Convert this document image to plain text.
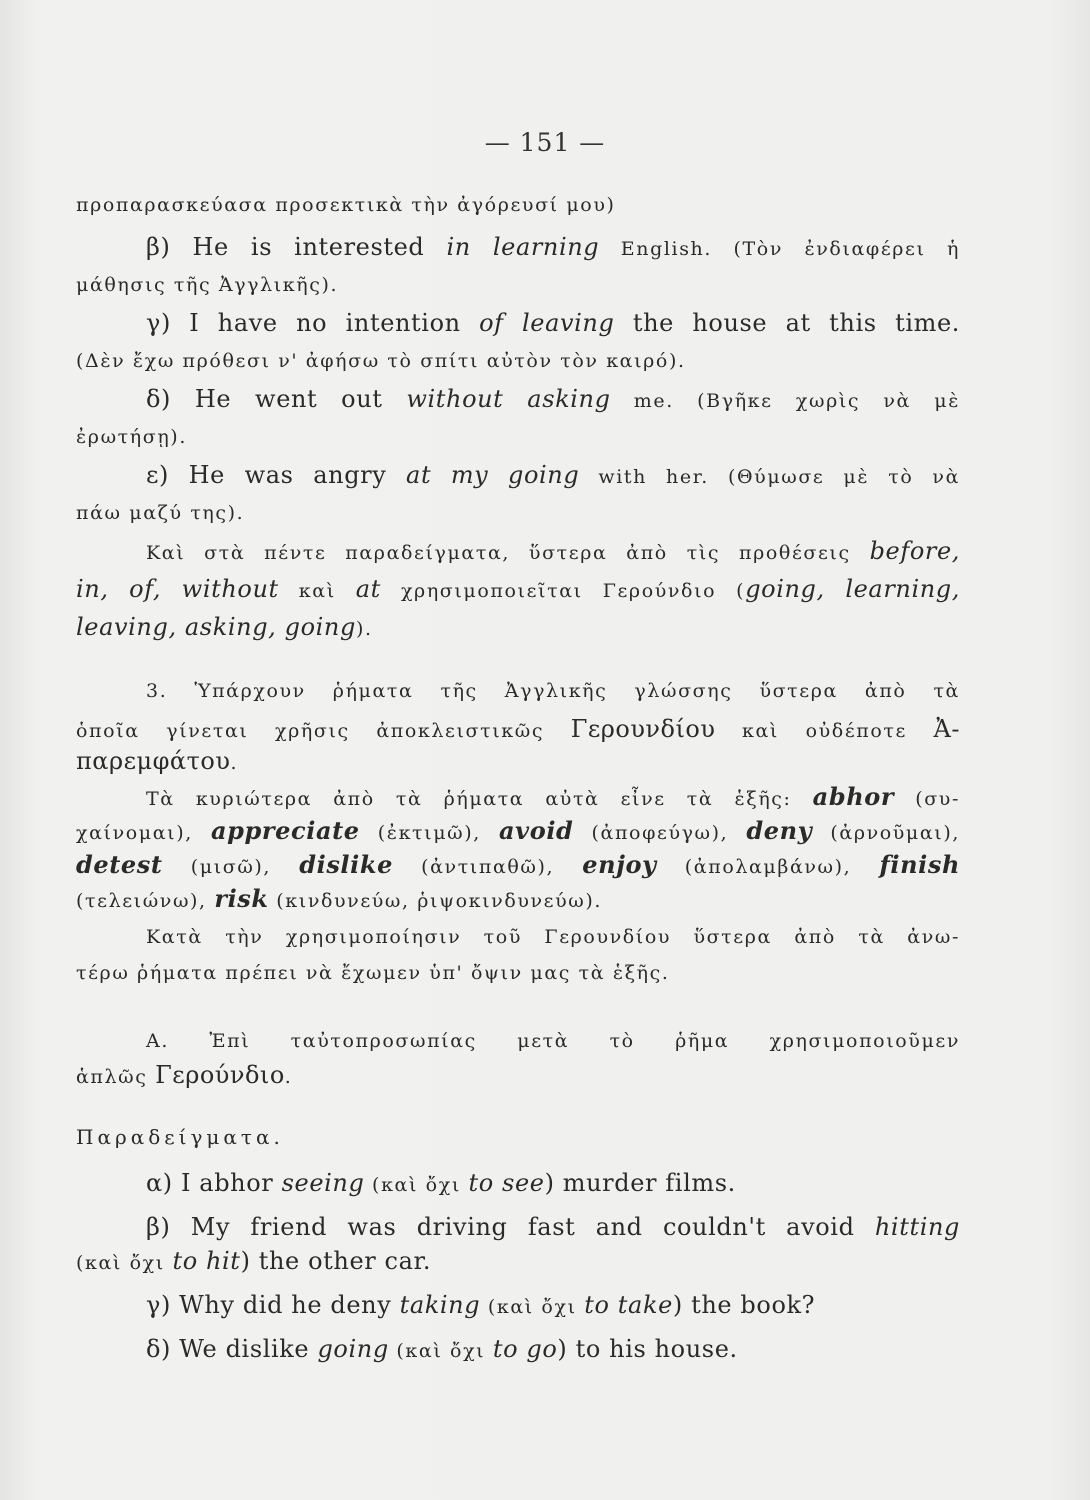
— 151 —
προπαρασκεύασα προσεκτικὰ τὴν ἀγόρευσί μου)
β) He is interested in learning English. (Τὸν ἐνδιαφέρει ἡ
μάθησις τῆς Ἀγγλικῆς).
γ) I have no intention of leaving the house at this time.
(Δὲν ἔχω πρόθεσι ν' ἀφήσω τὸ σπίτι αὐτὸν τὸν καιρό).
δ) He went out without asking me. (Βγῆκε χωρὶς νὰ μὲ
ἐρωτήσῃ).
ε) He was angry at my going with her. (Θύμωσε μὲ τὸ νὰ
πάω μαζύ της).
Καὶ στὰ πέντε παραδείγματα, ὕστερα ἀπὸ τὶς προθέσεις before,
in, of, without καὶ at χρησιμοποιεῖται Γερούνδιο (going, learning,
leaving, asking, going).
3. Ὑπάρχουν ῥήματα τῆς Ἀγγλικῆς γλώσσης ὕστερα ἀπὸ τὰ
ὁποῖα γίνεται χρῆσις ἀποκλειστικῶς Γερουνδίου καὶ οὐδέποτε Ἀ-
παρεμφάτου.
Τὰ κυριώτερα ἀπὸ τὰ ῥήματα αὐτὰ εἶνε τὰ ἑξῆς: abhor (συ-
χαίνομαι), appreciate (ἐκτιμῶ), avoid (ἀποφεύγω), deny (ἀρνοῦμαι),
detest (μισῶ), dislike (ἀντιπαθῶ), enjoy (ἀπολαμβάνω), finish
(τελειώνω), risk (κινδυνεύω, ῥιψοκινδυνεύω).
Κατὰ τὴν χρησιμοποίησιν τοῦ Γερουνδίου ὕστερα ἀπὸ τὰ ἀνω-
τέρω ῥήματα πρέπει νὰ ἔχωμεν ὑπ' ὄψιν μας τὰ ἑξῆς.
Α. Ἐπὶ ταὐτοπροσωπίας μετὰ τὸ ῥῆμα χρησιμοποιοῦμεν
ἁπλῶς Γερούνδιο.
Παραδείγματα.
α) I abhor seeing (καὶ ὄχι to see) murder films.
β) My friend was driving fast and couldn't avoid hitting
(καὶ ὄχι to hit) the other car.
γ) Why did he deny taking (καὶ ὄχι to take) the book?
δ) We dislike going (καὶ ὄχι to go) to his house.
